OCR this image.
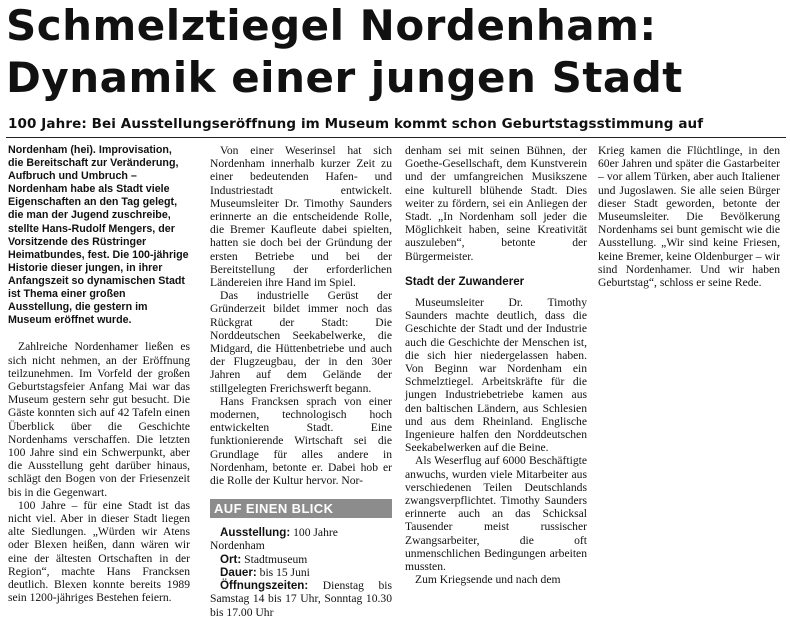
Schmelztiegel Nordenham:
Dynamik einer jungen Stadt
100 Jahre: Bei Ausstellungseröffnung im Museum kommt schon Geburtstagsstimmung auf

Nordenham (hei). Improvisation, die Bereitschaft zur Veränderung, Aufbruch und Umbruch – Nordenham habe als Stadt viele Eigenschaften an den Tag gelegt, die man der Jugend zuschreibe, stellte Hans-Rudolf Mengers, der Vorsitzende des Rüstringer Heimatbundes, fest. Die 100-jährige Historie dieser jungen, in ihrer Anfangszeit so dynamischen Stadt ist Thema einer großen Ausstellung, die gestern im Museum eröffnet wurde.

Zahlreiche Nordenhamer ließen es sich nicht nehmen, an der Eröffnung teilzunehmen. Im Vorfeld der großen Geburtstagsfeier Anfang Mai war das Museum gestern sehr gut besucht. Die Gäste konnten sich auf 42 Tafeln einen Überblick über die Geschichte Nordenhams verschaffen. Die letzten 100 Jahre sind ein Schwerpunkt, aber die Ausstellung geht darüber hinaus, schlägt den Bogen von der Friesenzeit bis in die Gegenwart.

100 Jahre – für eine Stadt ist das nicht viel. Aber in dieser Stadt liegen alte Siedlungen. „Würden wir Atens oder Blexen heißen, dann wären wir eine der ältesten Ortschaften in der Region“, machte Hans Francksen deutlich. Blexen konnte bereits 1989 sein 1200-jähriges Bestehen feiern.

Von einer Weserinsel hat sich Nordenham innerhalb kurzer Zeit zu einer bedeutenden Hafen- und Industriestadt entwickelt. Museumsleiter Dr. Timothy Saunders erinnerte an die entscheidende Rolle, die Bremer Kaufleute dabei spielten, hatten sie doch bei der Gründung der ersten Betriebe und bei der Bereitstellung der erforderlichen Ländereien ihre Hand im Spiel.

Das industrielle Gerüst der Gründerzeit bildet immer noch das Rückgrat der Stadt: Die Norddeutschen Seekabelwerke, die Midgard, die Hüttenbetriebe und auch der Flugzeugbau, der in den 30er Jahren auf dem Gelände der stillgelegten Frerichswerft begann.

Hans Francksen sprach von einer modernen, technologisch hoch entwickelten Stadt. Eine funktionierende Wirtschaft sei die Grundlage für alles andere in Nordenham, betonte er. Dabei hob er die Rolle der Kultur hervor. Nor-

AUF EINEN BLICK

Ausstellung: 100 Jahre Nordenham

Ort: Stadtmuseum

Dauer: bis 15 Juni

Öffnungszeiten: Dienstag bis Samstag 14 bis 17 Uhr, Sonntag 10.30 bis 17.00 Uhr

denham sei mit seinen Bühnen, der Goethe-Gesellschaft, dem Kunstverein und der umfangreichen Musikszene eine kulturell blühende Stadt. Dies weiter zu fördern, sei ein Anliegen der Stadt. „In Nordenham soll jeder die Möglichkeit haben, seine Kreativität auszuleben“, betonte der Bürgermeister.

Stadt der Zuwanderer

Museumsleiter Dr. Timothy Saunders machte deutlich, dass die Geschichte der Stadt und der Industrie auch die Geschichte der Menschen ist, die sich hier niedergelassen haben. Von Beginn war Nordenham ein Schmelztiegel. Arbeitskräfte für die jungen Industriebetriebe kamen aus den baltischen Ländern, aus Schlesien und aus dem Rheinland. Englische Ingenieure halfen den Norddeutschen Seekabelwerken auf die Beine.

Als Weserflug auf 6000 Beschäftigte anwuchs, wurden viele Mitarbeiter aus verschiedenen Teilen Deutschlands zwangsverpflichtet. Timothy Saunders erinnerte auch an das Schicksal Tausender meist russischer Zwangsarbeiter, die oft unmenschlichen Bedingungen arbeiten mussten.

Zum Kriegsende und nach dem

Krieg kamen die Flüchtlinge, in den 60er Jahren und später die Gastarbeiter – vor allem Türken, aber auch Italiener und Jugoslawen. Sie alle seien Bürger dieser Stadt geworden, betonte der Museumsleiter. Die Bevölkerung Nordenhams sei bunt gemischt wie die Ausstellung. „Wir sind keine Friesen, keine Bremer, keine Oldenburger – wir sind Nordenhamer. Und wir haben Geburtstag“, schloss er seine Rede.
